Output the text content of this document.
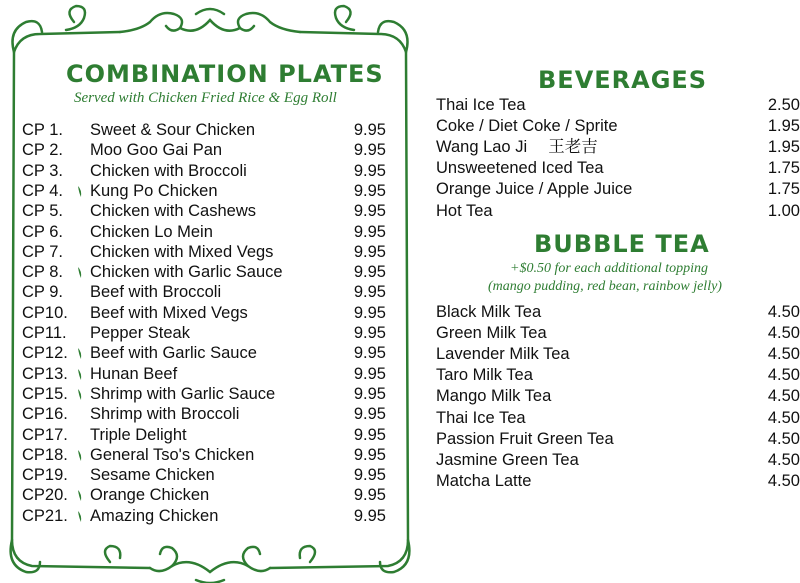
COMBINATION PLATES
Served with Chicken Fried Rice & Egg Roll
CP 1. Sweet & Sour Chicken	9.95
CP 2. Moo Goo Gai Pan	9.95
CP 3. Chicken with Broccoli	9.95
CP 4. Kung Po Chicken	9.95
CP 5. Chicken with Cashews	9.95
CP 6. Chicken Lo Mein	9.95
CP 7. Chicken with Mixed Vegs	9.95
CP 8. Chicken with Garlic Sauce	9.95
CP 9. Beef with Broccoli	9.95
CP10. Beef with Mixed Vegs	9.95
CP11. Pepper Steak	9.95
CP12. Beef with Garlic Sauce	9.95
CP13. Hunan Beef	9.95
CP15. Shrimp with Garlic Sauce	9.95
CP16. Shrimp with Broccoli	9.95
CP17. Triple Delight	9.95
CP18. General Tso's Chicken	9.95
CP19. Sesame Chicken	9.95
CP20. Orange Chicken	9.95
CP21. Amazing Chicken	9.95
BEVERAGES
Thai Ice Tea	2.50
Coke / Diet Coke / Sprite	1.95
Wang Lao Ji  王老吉	1.95
Unsweetened Iced Tea	1.75
Orange Juice / Apple Juice	1.75
Hot Tea	1.00
BUBBLE TEA
+$0.50 for each additional topping
(mango pudding, red bean, rainbow jelly)
Black Milk Tea	4.50
Green Milk Tea	4.50
Lavender Milk Tea	4.50
Taro Milk Tea	4.50
Mango Milk Tea	4.50
Thai Ice Tea	4.50
Passion Fruit Green Tea	4.50
Jasmine Green Tea	4.50
Matcha Latte	4.50
